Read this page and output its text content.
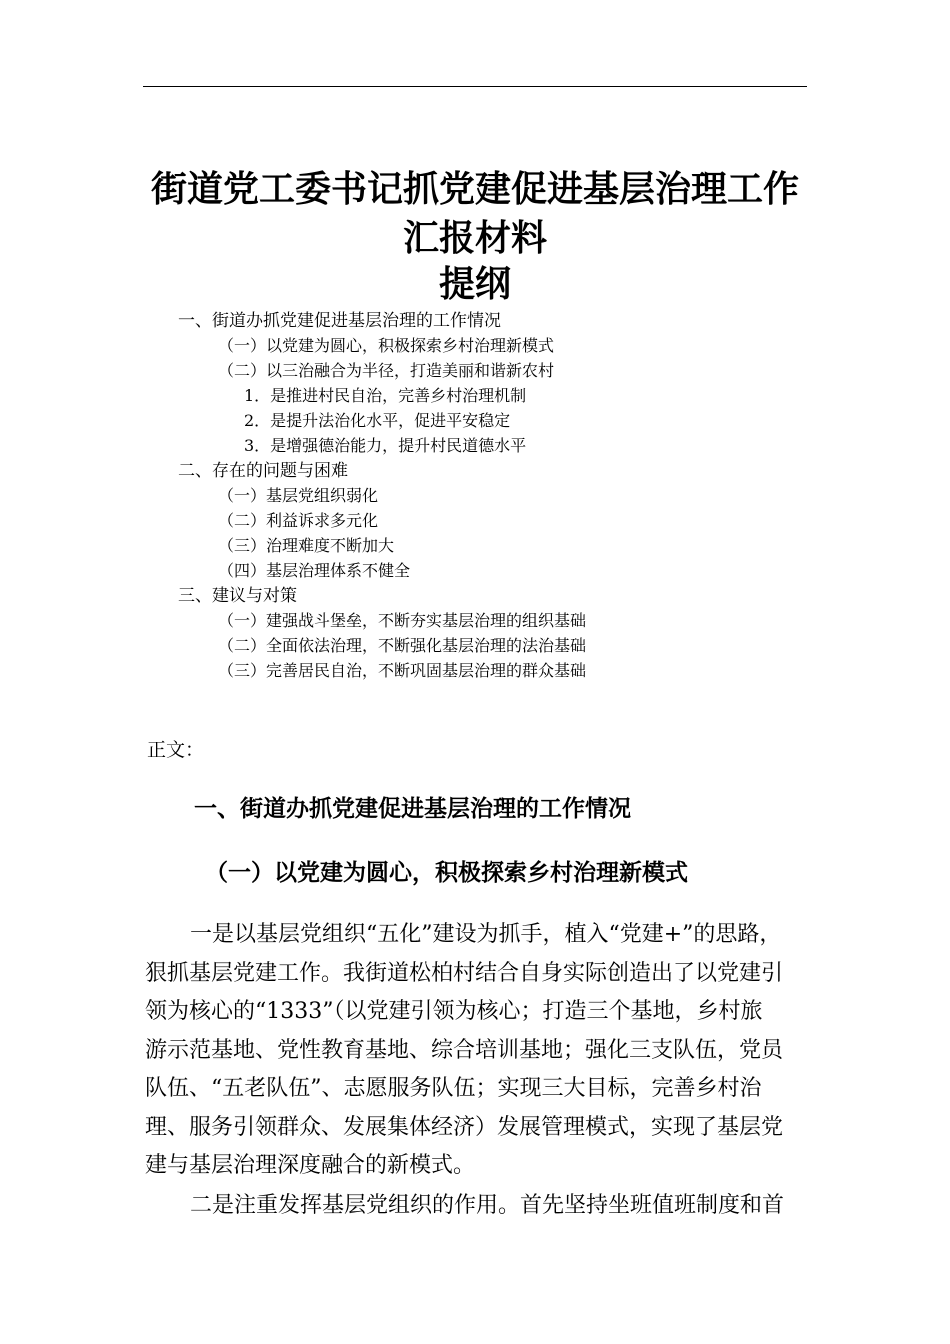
街道党工委书记抓党建促进基层治理工作
汇报材料
提纲
一、街道办抓党建促进基层治理的工作情况
（一）以党建为圆心，积极探索乡村治理新模式
（二）以三治融合为半径，打造美丽和谐新农村
1．是推进村民自治，完善乡村治理机制
2．是提升法治化水平，促进平安稳定
3．是增强德治能力，提升村民道德水平
二、存在的问题与困难
（一）基层党组织弱化
（二）利益诉求多元化
（三）治理难度不断加大
（四）基层治理体系不健全
三、建议与对策
（一）建强战斗堡垒，不断夯实基层治理的组织基础
（二）全面依法治理，不断强化基层治理的法治基础
（三）完善居民自治，不断巩固基层治理的群众基础
正文：
一、街道办抓党建促进基层治理的工作情况
（一）以党建为圆心，积极探索乡村治理新模式
一是以基层党组织“五化”建设为抓手，植入“党建+”的思路，
狠抓基层党建工作。我街道松柏村结合自身实际创造出了以党建引
领为核心的“1333”（以党建引领为核心；打造三个基地，乡村旅
游示范基地、党性教育基地、综合培训基地；强化三支队伍，党员
队伍、“五老队伍”、志愿服务队伍；实现三大目标，完善乡村治
理、服务引领群众、发展集体经济）发展管理模式，实现了基层党
建与基层治理深度融合的新模式。
二是注重发挥基层党组织的作用。首先坚持坐班值班制度和首
